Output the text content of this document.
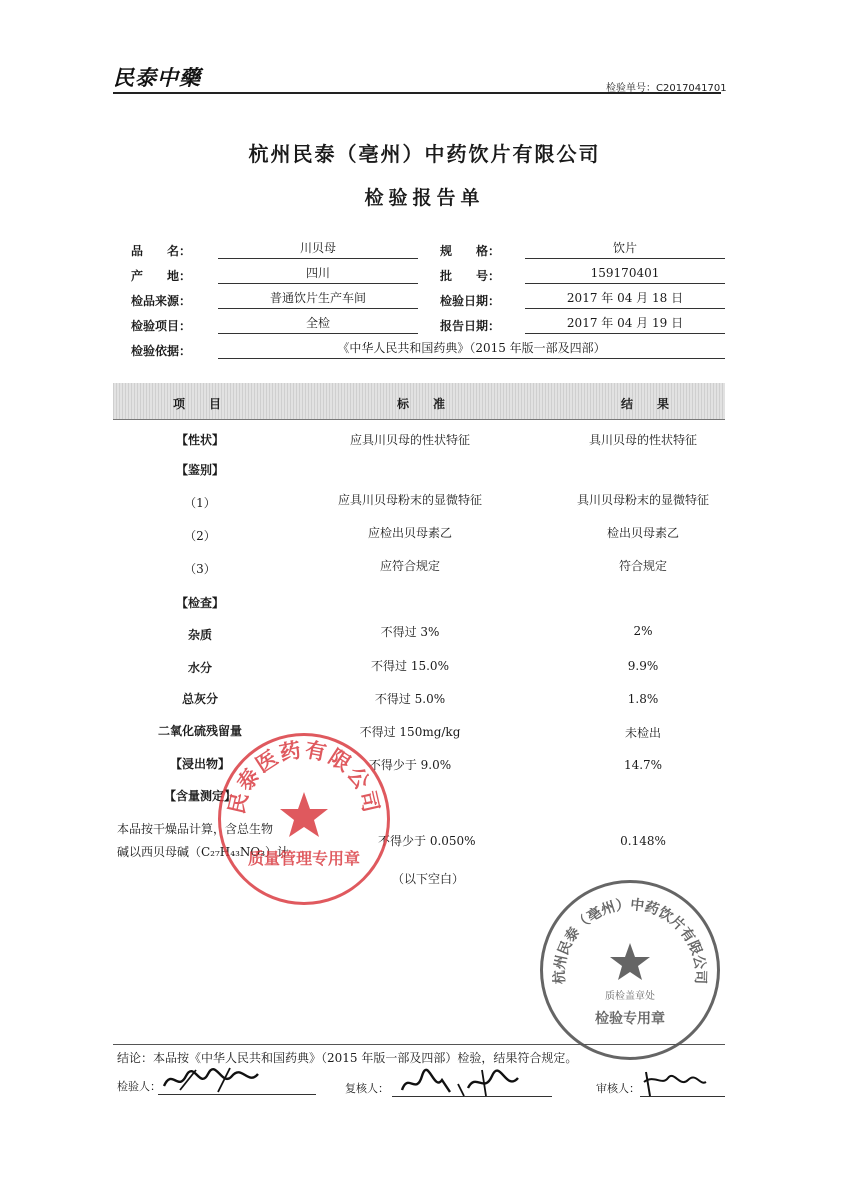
民泰中藥	检验单号：C2017041701
杭州民泰（亳州）中药饮片有限公司
检验报告单
品　　名：	川贝母	规　　格：	饮片
产　　地：	四川	批　　号：	159170401
检品来源：	普通饮片生产车间	检验日期：	2017 年 04 月 18 日
检验项目：	全检	报告日期：	2017 年 04 月 19 日
检验依据：	《中华人民共和国药典》（2015 年版一部及四部）
项　目	标　准	结　果
【性状】	应具川贝母的性状特征	具川贝母的性状特征
【鉴别】
（1）	应具川贝母粉末的显微特征	具川贝母粉末的显微特征
（2）	应检出贝母素乙	检出贝母素乙
（3）	应符合规定	符合规定
【检查】
杂质	不得过 3%	2%
水分	不得过 15.0%	9.9%
总灰分	不得过 5.0%	1.8%
二氧化硫残留量	不得过 150mg/kg	未检出
【浸出物】	不得少于 9.0%	14.7%
【含量测定】
本品按干燥品计算，含总生物
碱以西贝母碱（C₂₇H₄₃NO₃）计
不得少于 0.050%	0.148%
（以下空白）
民泰医药有限公司
质量管理专用章
杭州民泰（亳州）中药饮片有限公司
质检盖章处
检验专用章
结论：本品按《中华人民共和国药典》（2015 年版一部及四部）检验，结果符合规定。
检验人：	复核人：	审核人：
